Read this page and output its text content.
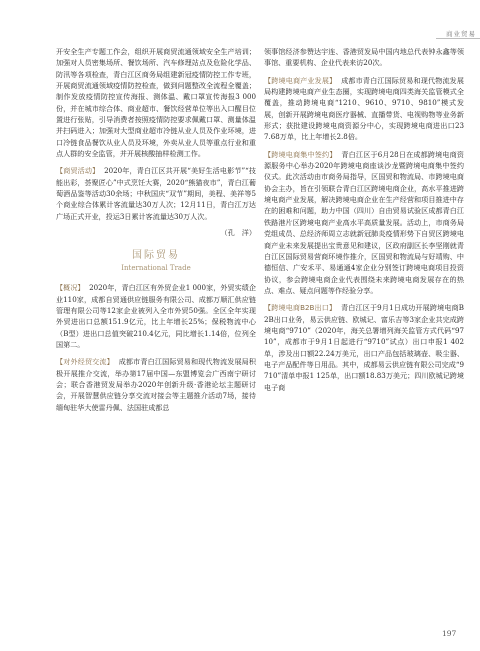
商业贸易

开安全生产专题工作会，组织开展商贸流通领域安全生产培训；加强对人员密集场所、餐饮场所、汽车修理站点及危险化学品、防汛等各项检查，青白江区商务局组建新冠疫情防控工作专班，开展商贸流通领域疫情防控检查，做到问题整改全流程全覆盖；制作发放疫情防控宣传海报、测体温、戴口罩宣传海报3 000份，并在城市综合体、商业超市、餐饮经营单位等出入口醒目位置进行张贴，引导消费者按照疫情防控要求佩戴口罩、测量体温并扫码进入；加强对大型商业超市冷链从业人员及作业环境，进口冷链食品餐饮从业人员及环境，外卖从业人员等重点行业和重点人群的安全监管，并开展核酸抽样检测工作。

【商贸活动】 2020年，青白江区共开展“美好生活电影节”“技能出彩，荟聚匠心”中式烹饪大赛，2020“熊猫夜市”，青白江葡萄酒品鉴等活动30余场；中秋国庆“双节”期间，美程、美祥等5个商业综合体累计客流量达30万人次；12月11日，青白江万达广场正式开业，投运3日累计客流量达30万人次。

（孔　洋）
国际贸易
International Trade

【概况】 2020年，青白江区有外贸企业1 000家，外贸实绩企业110家，成都自贸通供应链服务有限公司、成都万顺汇供应链管理有限公司等12家企业被列入全市外贸50强。全区全年实现外贸进出口总额151.9亿元，比上年增长25%；保税物流中心（B型）进出口总值突破210.4亿元，同比增长1.14倍，位列全国第二。

【对外经贸交流】 成都市青白江国际贸易和现代物流发展局积极开展推介交流，举办第17届中国—东盟博览会广西南宁研讨会；联合香港贸发局举办2020年创新升级·香港论坛主题研讨会，开展智慧供应链分享交流对接会等主题推介活动7场，接待缅甸驻华大使雷丹佩、法国驻成都总

领事馆经济参赞达宇连、香港贸发局中国内地总代表钟永鑫等领事馆、重要机构、企业代表来访20次。

【跨境电商产业发展】 成都市青白江国际贸易和现代物流发展局构建跨境电商产业生态圈，实现跨境电商四类海关监管模式全覆盖，推动跨境电商“1210、9610、9710、9810”模式发展，创新开展跨境电商医疗器械、直播带货、电视购物等业务新形式；获批建设跨境电商资源分中心，实现跨境电商进出口237.68万单，比上年增长2.8倍。

【跨境电商集中签约】 青白江区于6月28日在成都跨境电商资源服务中心举办2020年跨境电商座谈沙龙暨跨境电商集中签约仪式。此次活动由市商务局指导，区国贸和物流局、市跨境电商协会主办，旨在引领联合青白江区跨境电商企业，高水平推进跨境电商产业发展，解决跨境电商企业在生产经营和项目推进中存在的困难和问题，助力中国（四川）自由贸易试验区成都青白江铁路港片区跨境电商产业高水平高质量发展。活动上，市商务局党组成员、总经济师周立志就新冠肺炎疫情形势下自贸区跨境电商产业未来发展提出宝贵意见和建议，区政府副区长李坚刚就青白江区国际贸易营商环境作推介，区国贸和物流局与好靖购、中德恒信、广安禾平、易通通4家企业分别签订跨境电商项目投资协议，参会跨境电商企业代表围绕未来跨境电商发展存在的热点、难点、疑点问题等作经验分享。

【跨境电商B2B出口】 青白江区于9月1日成功开展跨境电商B2B出口业务，易云供应链、欧城记、富乐吉等3家企业共完成跨境电商“9710”（2020年，海关总署增列海关监管方式代码“9710”，成都市于9月1日起进行“9710”试点）出口申报1 402单，涉及出口额22.24万美元，出口产品包括玻璃壶、吸尘器、电子产品配件等日用品。其中，成都易云供应链有限公司完成“9710”清单申报1 125单，出口额18.83万美元；四川欧城记跨境电子商

197
